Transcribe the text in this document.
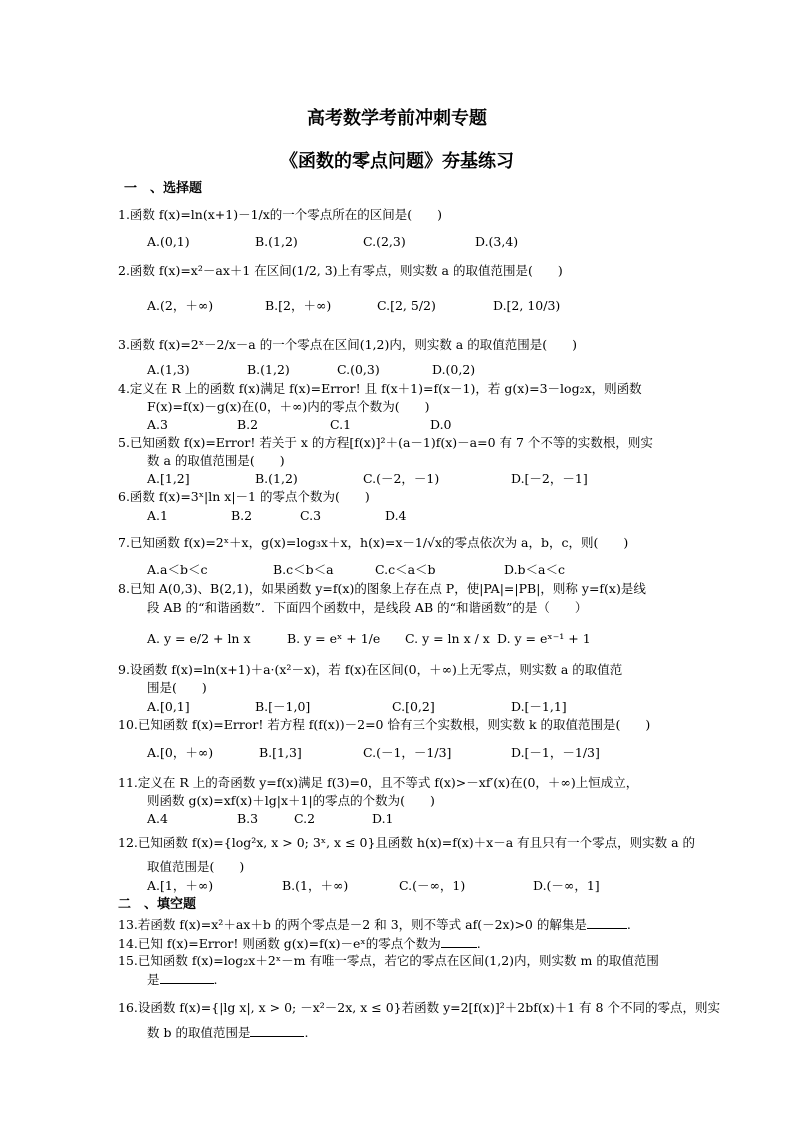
高考数学考前冲刺专题
《函数的零点问题》夯基练习
一　、选择题
1.函数 f(x)=ln(x+1)－1/x的一个零点所在的区间是(　　)
A.(0,1)	B.(1,2)	C.(2,3)	D.(3,4)
2.函数 f(x)=x²－ax＋1 在区间(1/2, 3)上有零点，则实数 a 的取值范围是(　　)
A.(2，＋∞)	B.[2，＋∞)	C.[2, 5/2)	D.[2, 10/3)
3.函数 f(x)=2ˣ－2/x－a 的一个零点在区间(1,2)内，则实数 a 的取值范围是(　　)
A.(1,3)	B.(1,2)	C.(0,3)	D.(0,2)
4.定义在 R 上的函数 f(x)满足 f(x)=Error! 且 f(x＋1)=f(x－1)，若 g(x)=3－log₂x，则函数
F(x)=f(x)－g(x)在(0，＋∞)内的零点个数为(　　)
A.3	B.2	C.1	D.0
5.已知函数 f(x)=Error! 若关于 x 的方程[f(x)]²＋(a－1)f(x)－a=0 有 7 个不等的实数根，则实
数 a 的取值范围是(　　)
A.[1,2]	B.(1,2)	C.(－2，－1)	D.[－2，－1]
6.函数 f(x)=3ˣ|ln x|－1 的零点个数为(　　)
A.1	B.2	C.3	D.4
7.已知函数 f(x)=2ˣ＋x，g(x)=log₃x＋x，h(x)=x－1/√x的零点依次为 a，b，c，则(　　)
A.a＜b＜c	B.c＜b＜a	C.c＜a＜b	D.b＜a＜c
8.已知 A(0,3)、B(2,1)，如果函数 y=f(x)的图象上存在点 P，使|PA|=|PB|，则称 y=f(x)是线
段 AB 的“和谐函数”．下面四个函数中，是线段 AB 的“和谐函数”的是（　　）
A. y = e/2 + ln x	B. y = eˣ + 1/e C. y = ln x / x D. y = eˣ⁻¹ + 1
9.设函数 f(x)=ln(x+1)＋a·(x²－x)，若 f(x)在区间(0，＋∞)上无零点，则实数 a 的取值范
围是(　　)
A.[0,1]	B.[－1,0]	C.[0,2]	D.[－1,1]
10.已知函数 f(x)=Error! 若方程 f(f(x))－2=0 恰有三个实数根，则实数 k 的取值范围是(　　)
A.[0，＋∞)	B.[1,3]	C.(－1，－1/3]	D.[－1，－1/3]
11.定义在 R 上的奇函数 y=f(x)满足 f(3)=0，且不等式 f(x)>－xf′(x)在(0，＋∞)上恒成立，
则函数 g(x)=xf(x)＋lg|x＋1|的零点的个数为(　　)
A.4	B.3	C.2	D.1
12.已知函数 f(x)={log²x, x > 0; 3ˣ, x ≤ 0}且函数 h(x)=f(x)＋x－a 有且只有一个零点，则实数 a 的
取值范围是(　　)
A.[1，＋∞)	B.(1，＋∞)	C.(－∞，1)	D.(－∞，1]
二　、填空题
13.若函数 f(x)=x²＋ax＋b 的两个零点是－2 和 3，则不等式 af(－2x)>0 的解集是	.
14.已知 f(x)=Error! 则函数 g(x)=f(x)－eˣ的零点个数为	.
15.已知函数 f(x)=log₂x＋2ˣ－m 有唯一零点，若它的零点在区间(1,2)内，则实数 m 的取值范围
是	.
16.设函数 f(x)={|lg x|, x > 0; －x²－2x, x ≤ 0}若函数 y=2[f(x)]²＋2bf(x)＋1 有 8 个不同的零点，则实
数 b 的取值范围是	.
